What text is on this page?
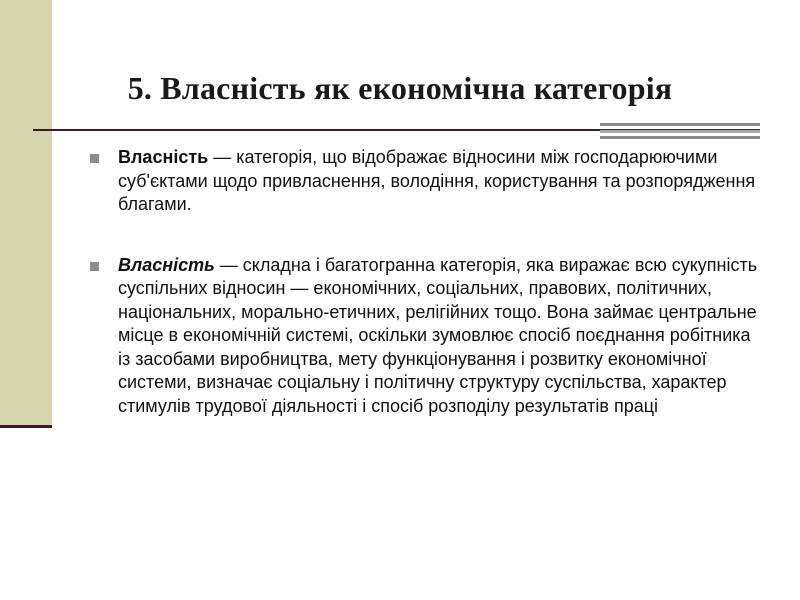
5. Власність як економічна категорія

Власність — категорія, що відображає відносини між господарюючими суб'єктами щодо привласнення, володіння, користування та розпорядження благами.

Власність — складна і багатогранна категорія, яка виражає всю сукупність суспільних відносин — економічних, соціальних, правових, політичних, національних, морально-етичних, релігійних тощо. Вона займає центральне місце в економічній системі, оскільки зумовлює спосіб поєднання робітника із засобами виробництва, мету функціонування і розвитку економічної системи, визначає соціальну і політичну структуру суспільства, характер стимулів трудової діяльності і спосіб розподілу результатів праці
